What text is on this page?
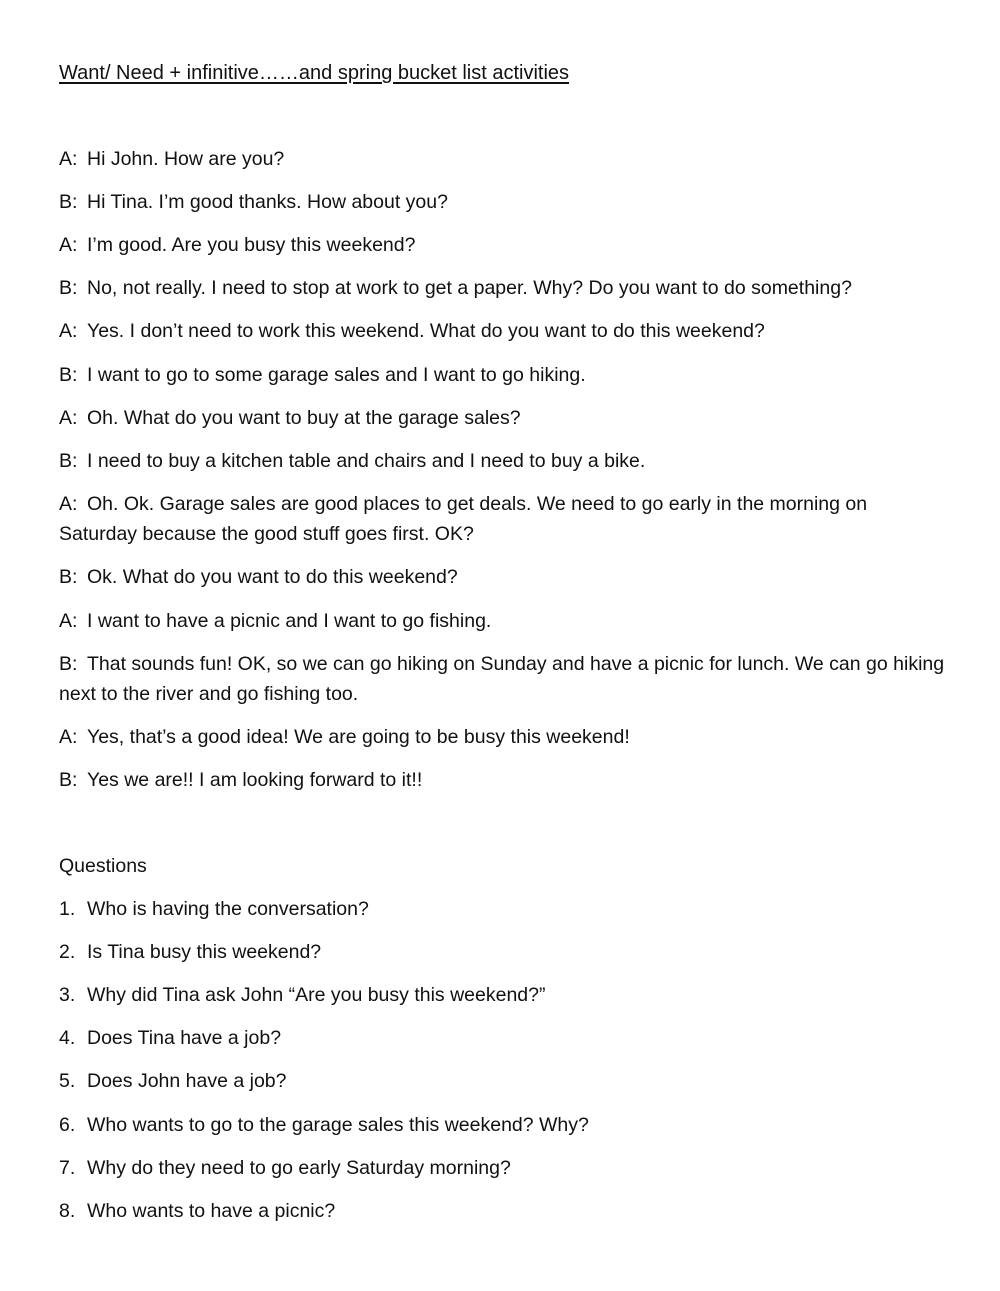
Want/ Need + infinitive……and spring bucket list activities

A: Hi John. How are you?

B: Hi Tina. I’m good thanks. How about you?

A: I’m good. Are you busy this weekend?

B: No, not really. I need to stop at work to get a paper. Why? Do you want to do something?

A: Yes. I don’t need to work this weekend. What do you want to do this weekend?

B: I want to go to some garage sales and I want to go hiking.

A: Oh. What do you want to buy at the garage sales?

B: I need to buy a kitchen table and chairs and I need to buy a bike.

A: Oh. Ok. Garage sales are good places to get deals. We need to go early in the morning on Saturday because the good stuff goes first. OK?

B: Ok. What do you want to do this weekend?

A: I want to have a picnic and I want to go fishing.

B: That sounds fun! OK, so we can go hiking on Sunday and have a picnic for lunch. We can go hiking next to the river and go fishing too.

A: Yes, that’s a good idea! We are going to be busy this weekend!

B: Yes we are!! I am looking forward to it!!

Questions

1. Who is having the conversation?

2. Is Tina busy this weekend?

3. Why did Tina ask John “Are you busy this weekend?”

4. Does Tina have a job?

5. Does John have a job?

6. Who wants to go to the garage sales this weekend? Why?

7. Why do they need to go early Saturday morning?

8. Who wants to have a picnic?
